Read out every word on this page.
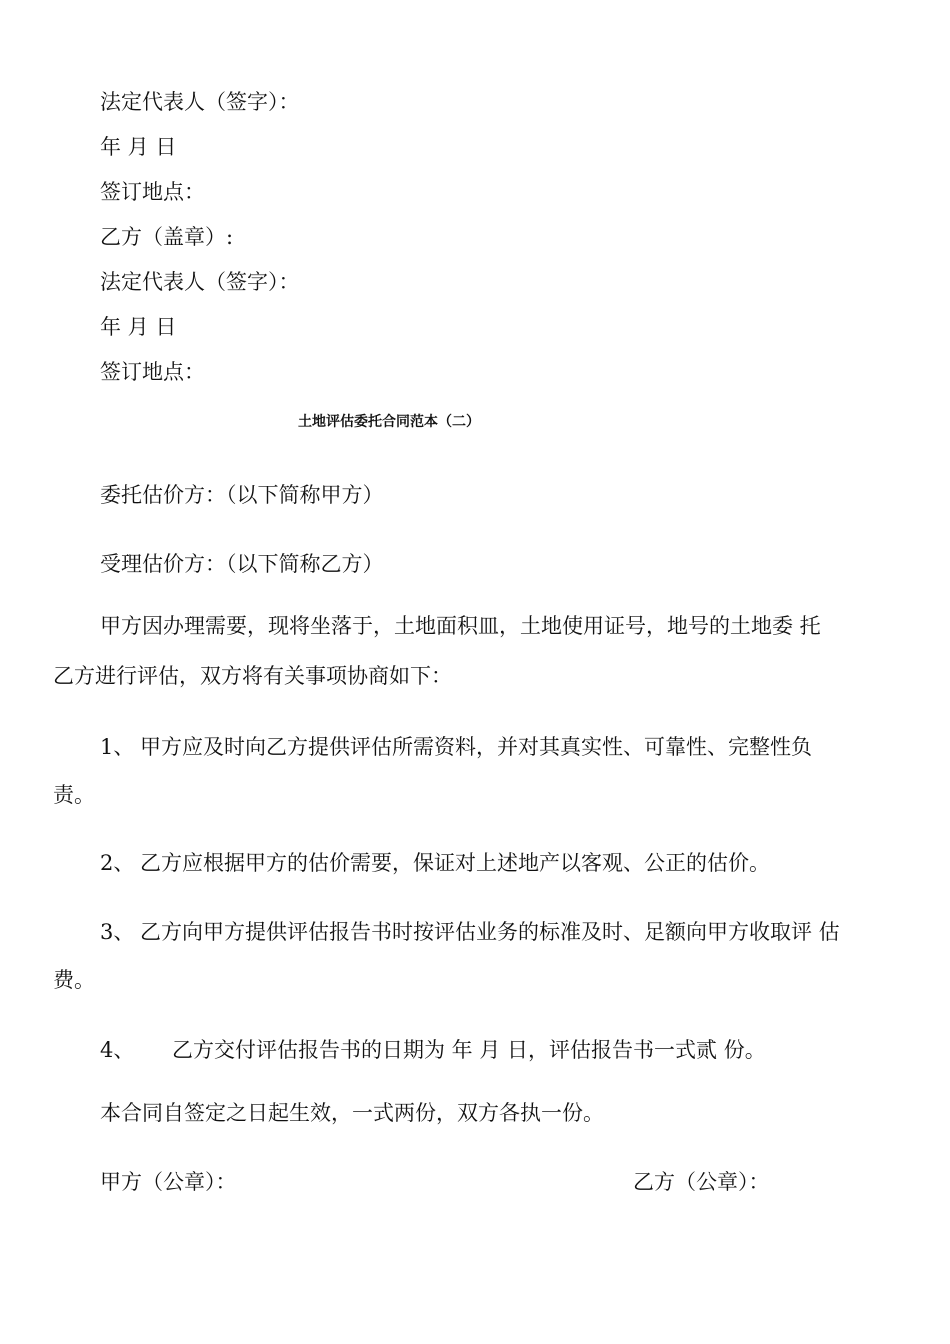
法定代表人（签字）：
年 月 日
签订地点：
乙方（盖章）:
法定代表人（签字）：
年 月 日
签订地点：
土地评估委托合同范本（二）
委托估价方：（以下简称甲方）
受理估价方：（以下简称乙方）
甲方因办理需要，现将坐落于，土地面积皿，土地使用证号，地号的土地委 托
乙方进行评估，双方将有关事项协商如下：
1、 甲方应及时向乙方提供评估所需资料，并对其真实性、可靠性、完整性负
责。
2、 乙方应根据甲方的估价需要，保证对上述地产以客观、公正的估价。
3、 乙方向甲方提供评估报告书时按评估业务的标准及时、足额向甲方收取评 估
费。
4、 乙方交付评估报告书的日期为 年 月 日，评估报告书一式贰 份。
本合同自签定之日起生效，一式两份，双方各执一份。
甲方（公章）：	乙方（公章）：
